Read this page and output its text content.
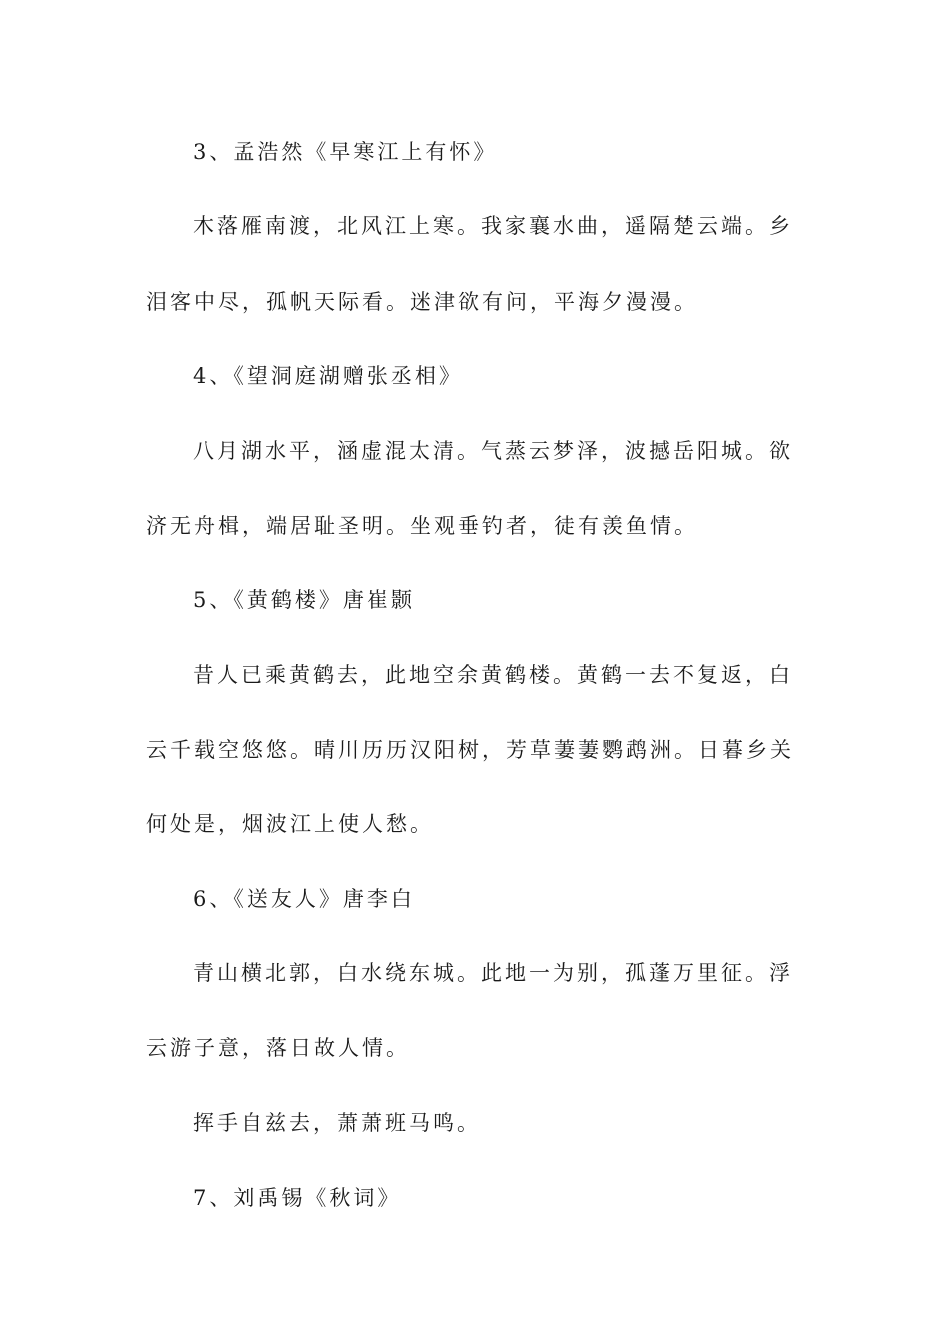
3、孟浩然《早寒江上有怀》

木落雁南渡，北风江上寒。我家襄水曲，遥隔楚云端。乡

泪客中尽，孤帆天际看。迷津欲有问，平海夕漫漫。

4、《望洞庭湖赠张丞相》

八月湖水平，涵虚混太清。气蒸云梦泽，波撼岳阳城。欲

济无舟楫，端居耻圣明。坐观垂钓者，徒有羡鱼情。

5、《黄鹤楼》唐崔颢

昔人已乘黄鹤去，此地空余黄鹤楼。黄鹤一去不复返，白

云千载空悠悠。晴川历历汉阳树，芳草萋萋鹦鹉洲。日暮乡关

何处是，烟波江上使人愁。

6、《送友人》唐李白

青山横北郭，白水绕东城。此地一为别，孤蓬万里征。浮

云游子意，落日故人情。

挥手自兹去，萧萧班马鸣。

7、刘禹锡《秋词》
